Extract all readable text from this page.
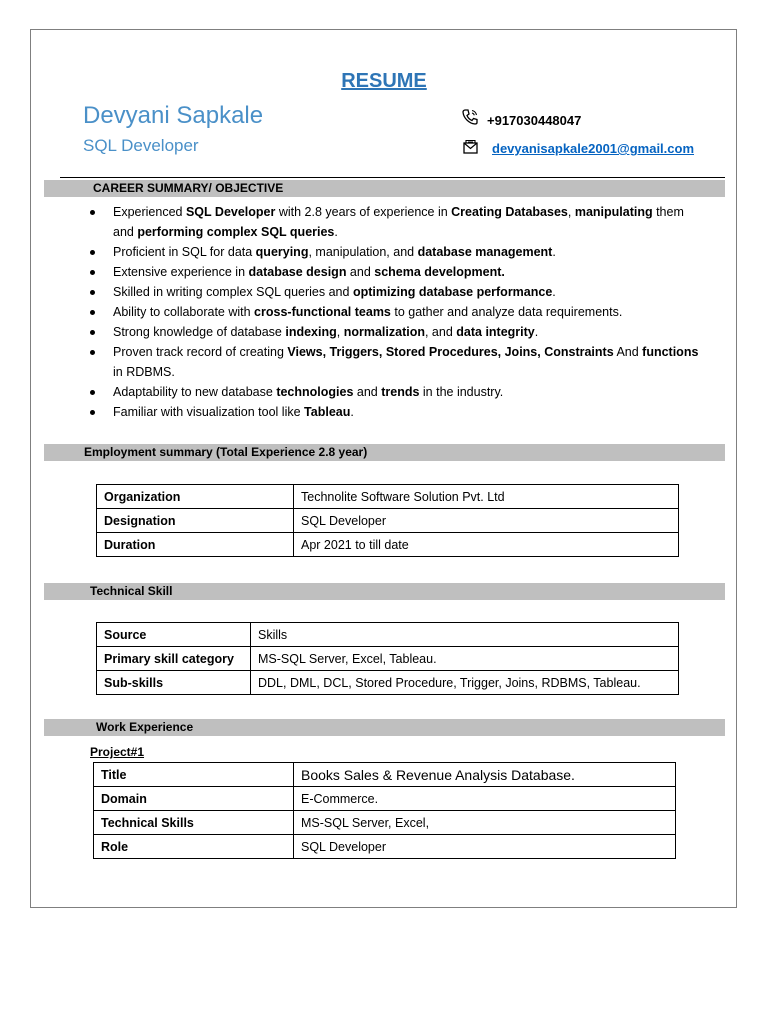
RESUME
Devyani Sapkale
SQL Developer
+917030448047
devyanisapkale2001@gmail.com
CAREER SUMMARY/ OBJECTIVE
Experienced SQL Developer with 2.8 years of experience in Creating Databases, manipulating them and performing complex SQL queries.
Proficient in SQL for data querying, manipulation, and database management.
Extensive experience in database design and schema development.
Skilled in writing complex SQL queries and optimizing database performance.
Ability to collaborate with cross-functional teams to gather and analyze data requirements.
Strong knowledge of database indexing, normalization, and data integrity.
Proven track record of creating Views, Triggers, Stored Procedures, Joins, Constraints And functions in RDBMS.
Adaptability to new database technologies and trends in the industry.
Familiar with visualization tool like Tableau.
Employment summary (Total Experience 2.8 year)
Organization	Technolite Software Solution Pvt. Ltd
Designation	SQL Developer
Duration	Apr 2021 to till date
Technical Skill
Source	Skills
Primary skill category	MS-SQL Server, Excel, Tableau.
Sub-skills	DDL, DML, DCL, Stored Procedure, Trigger, Joins, RDBMS, Tableau.
Work Experience
Project#1
Title	Books Sales & Revenue Analysis Database.
Domain	E-Commerce.
Technical Skills	MS-SQL Server, Excel,
Role	SQL Developer
